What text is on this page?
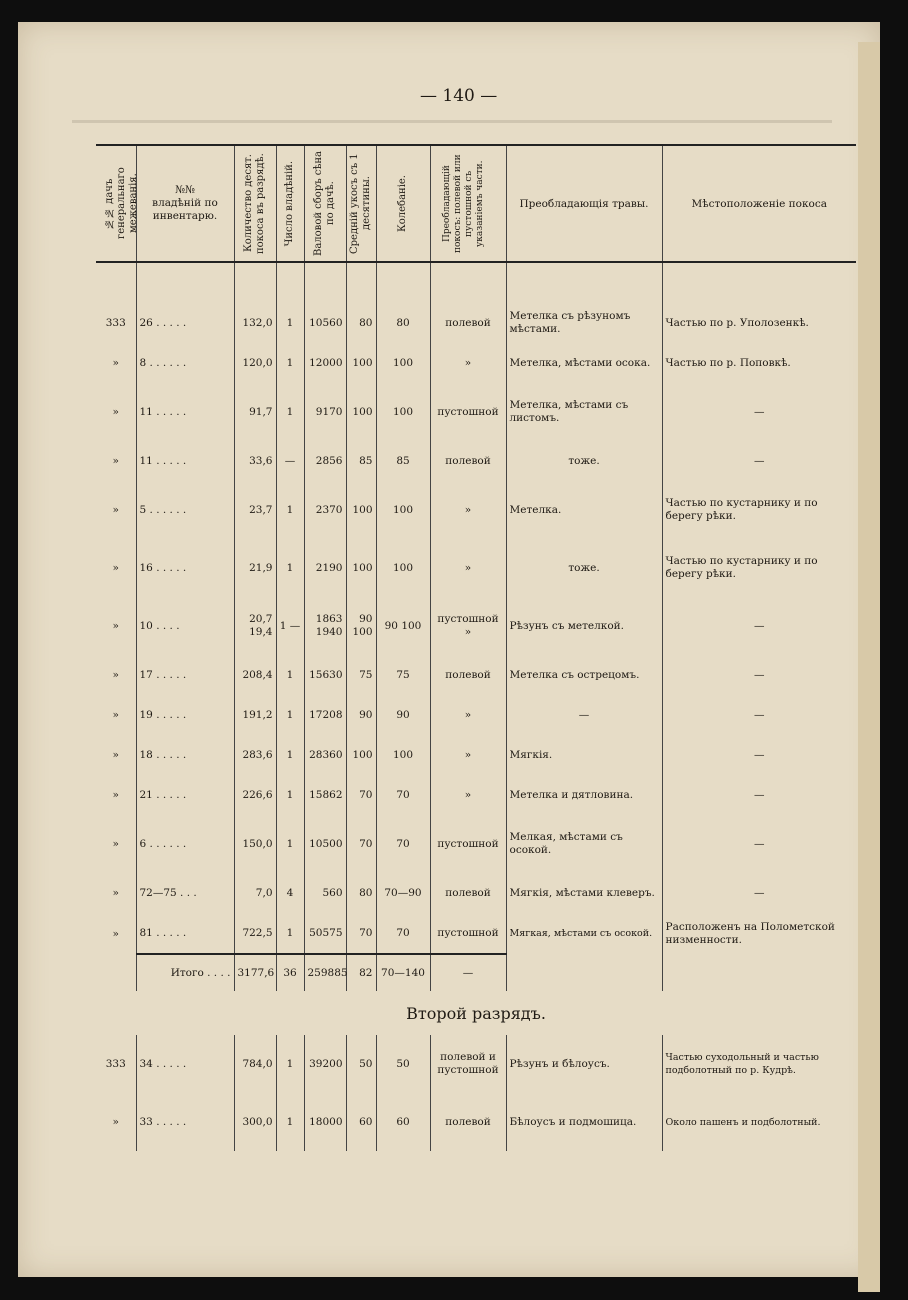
— 140 —
№№ дачъ генеральнаго межеванія.	№№ владѣній по инвентарю.	Количество десят. покоса въ разрядѣ.	Число владѣній.	Валовой сборъ сѣна по дачѣ.	Средній укосъ съ 1 десятины.	Колебаніе.	Преобладающій покосъ: полевой или пустошной съ указаніемъ части.	Преобладающія травы.	Мѣстоположеніе покоса

333	26 . . . . .	132,0	1	10560	80	80	полевой	Метелка съ рѣзуномъ мѣстами.	Частью по р. Уполозенкѣ.
»	8 . . . . . .	120,0	1	12000	100	100	»	Метелка, мѣстами осока.	Частью по р. Поповкѣ.
»	11 . . . . .	91,7	1	9170	100	100	пустошной	Метелка, мѣстами съ листомъ.	—
»	11 . . . . .	33,6	—	2856	85	85	полевой	тоже.	—
»	5 . . . . . .	23,7	1	2370	100	100	»	Метелка.	Частью по кустарнику и по берегу рѣки.
»	16 . . . . .	21,9	1	2190	100	100	»	тоже.	Частью по кустарнику и по берегу рѣки.
»	10 . . . .	20,7 19,4	1 —	1863 1940	90 100	90 100	пустошной »	Рѣзунъ съ метелкой.	—
»	17 . . . . .	208,4	1	15630	75	75	полевой	Метелка съ острецомъ.	—
»	19 . . . . .	191,2	1	17208	90	90	»	—	—
»	18 . . . . .	283,6	1	28360	100	100	»	Мягкія.	—
»	21 . . . . .	226,6	1	15862	70	70	»	Метелка и дятловина.	—
»	6 . . . . . .	150,0	1	10500	70	70	пустошной	Мелкая, мѣстами съ осокой.	—
»	72—75 . . .	7,0	4	560	80	70—90	полевой	Мягкія, мѣстами клеверъ.	—
»	81 . . . . .	722,5	1	50575	70	70	пустошной	Мягкая, мѣстами съ осокой.	Расположенъ на Полометской низменности.
	Итого . . . .	3177,6	36	259885	82	70—140	—		
Второй разрядъ.									
333	34 . . . . .	784,0	1	39200	50	50	полевой и пустошной	Рѣзунъ и бѣлоусъ.	Частью суходольный и частью подболотный по р. Кудрѣ.
»	33 . . . . .	300,0	1	18000	60	60	полевой	Бѣлоусъ и подмошица.	Около пашенъ и подболотный.
